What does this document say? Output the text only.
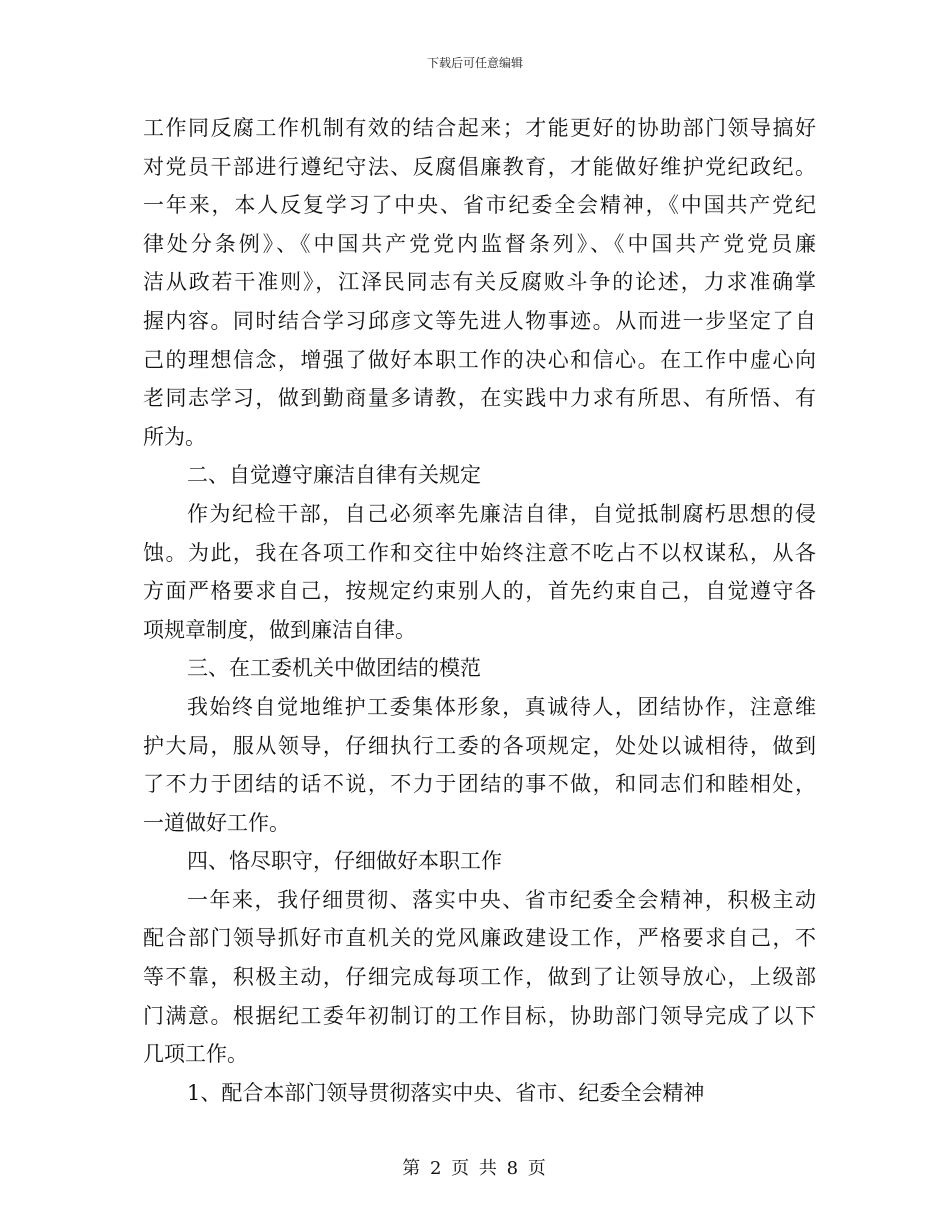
下载后可任意编辑
工作同反腐工作机制有效的结合起来；才能更好的协助部门领导搞好
对党员干部进行遵纪守法、反腐倡廉教育，才能做好维护党纪政纪。
一年来，本人反复学习了中央、省市纪委全会精神，《中国共产党纪
律处分条例》、《中国共产党党内监督条列》、《中国共产党党员廉
洁从政若干准则》，江泽民同志有关反腐败斗争的论述，力求准确掌
握内容。同时结合学习邱彦文等先进人物事迹。从而进一步坚定了自
己的理想信念，增强了做好本职工作的决心和信心。在工作中虚心向
老同志学习，做到勤商量多请教，在实践中力求有所思、有所悟、有
所为。
二、自觉遵守廉洁自律有关规定
作为纪检干部，自己必须率先廉洁自律，自觉抵制腐朽思想的侵
蚀。为此，我在各项工作和交往中始终注意不吃占不以权谋私，从各
方面严格要求自己，按规定约束别人的，首先约束自己，自觉遵守各
项规章制度，做到廉洁自律。
三、在工委机关中做团结的模范
我始终自觉地维护工委集体形象，真诚待人，团结协作，注意维
护大局，服从领导，仔细执行工委的各项规定，处处以诚相待，做到
了不力于团结的话不说，不力于团结的事不做，和同志们和睦相处，
一道做好工作。
四、恪尽职守，仔细做好本职工作
一年来，我仔细贯彻、落实中央、省市纪委全会精神，积极主动
配合部门领导抓好市直机关的党风廉政建设工作，严格要求自己，不
等不靠，积极主动，仔细完成每项工作，做到了让领导放心，上级部
门满意。根据纪工委年初制订的工作目标，协助部门领导完成了以下
几项工作。
1、配合本部门领导贯彻落实中央、省市、纪委全会精神
第 2 页 共 8 页
